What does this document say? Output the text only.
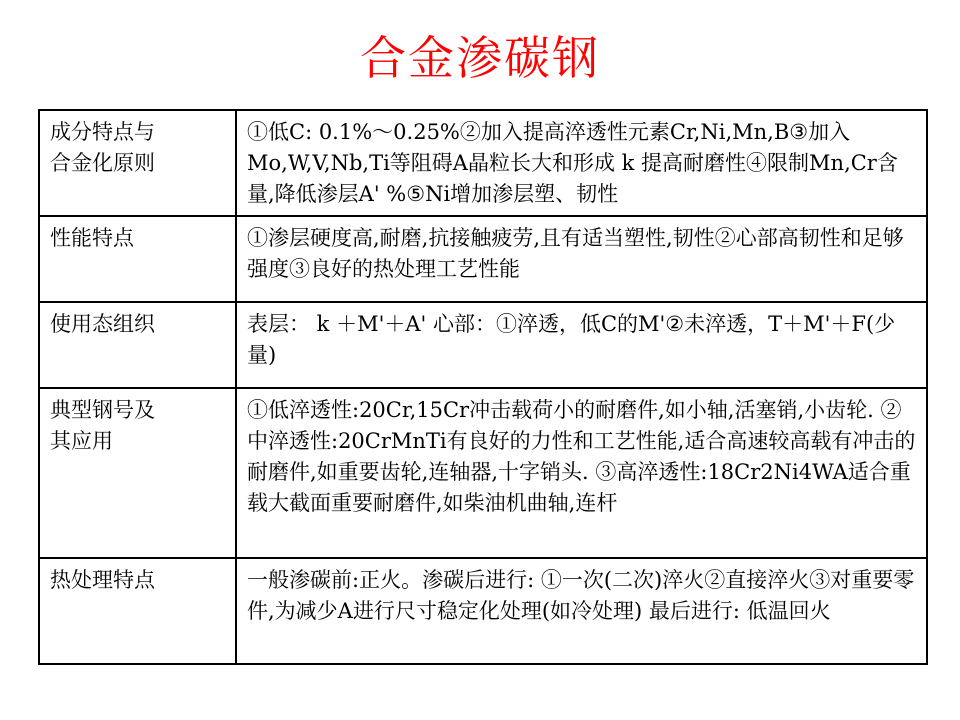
合金渗碳钢
成分特点与
合金化原则	①低C: 0.1%～0.25%②加入提高淬透性元素Cr,Ni,Mn,B③加入Mo,W,V,Nb,Ti等阻碍A晶粒长大和形成 k 提高耐磨性④限制Mn,Cr含量,降低渗层A' %⑤Ni增加渗层塑、韧性
性能特点	①渗层硬度高,耐磨,抗接触疲劳,且有适当塑性,韧性②心部高韧性和足够强度③良好的热处理工艺性能
使用态组织	表层： k ＋M'＋A' 心部：①淬透，低C的M'②未淬透，T＋M'＋F(少量)
典型钢号及
其应用	①低淬透性:20Cr,15Cr冲击载荷小的耐磨件,如小轴,活塞销,小齿轮. ②中淬透性:20CrMnTi有良好的力性和工艺性能,适合高速较高载有冲击的耐磨件,如重要齿轮,连轴器,十字销头. ③高淬透性:18Cr2Ni4WA适合重载大截面重要耐磨件,如柴油机曲轴,连杆
热处理特点	一般渗碳前:正火。渗碳后进行: ①一次(二次)淬火②直接淬火③对重要零件,为减少A进行尺寸稳定化处理(如冷处理) 最后进行: 低温回火
